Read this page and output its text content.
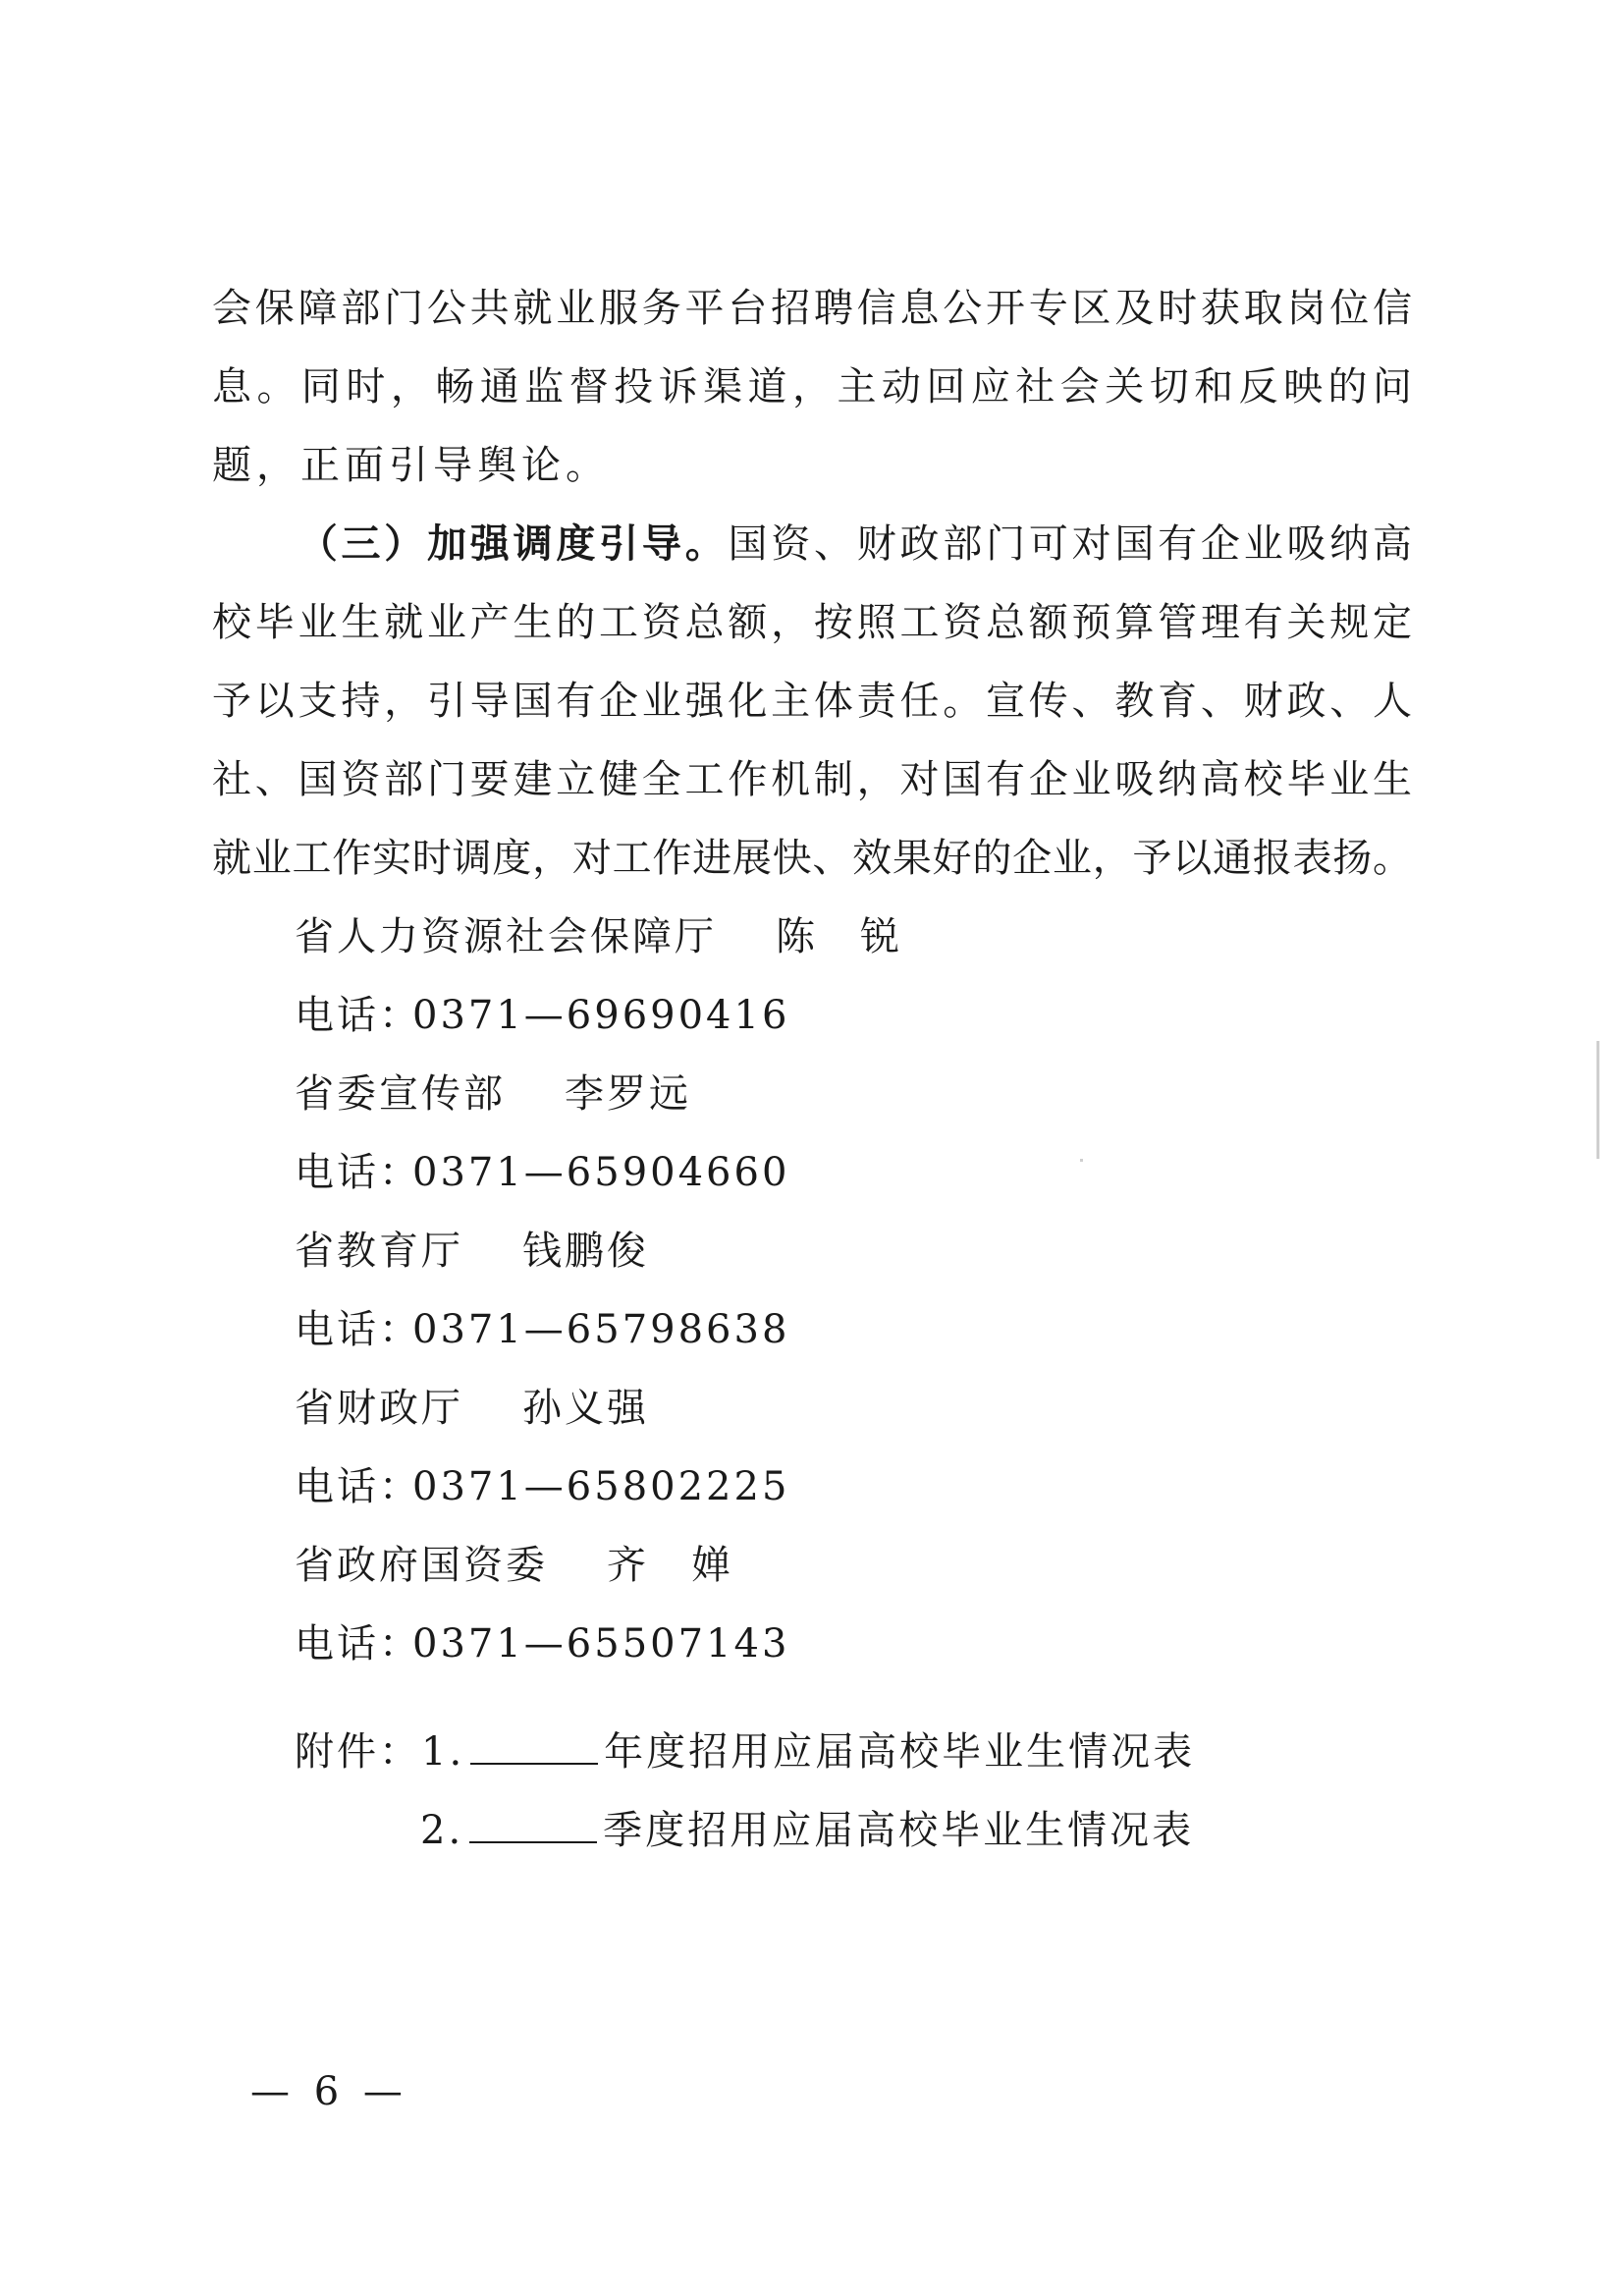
会保障部门公共就业服务平台招聘信息公开专区及时获取岗位信
息。同时，畅通监督投诉渠道，主动回应社会关切和反映的问
题，正面引导舆论。
（三）加强调度引导。国资、财政部门可对国有企业吸纳高
校毕业生就业产生的工资总额，按照工资总额预算管理有关规定
予以支持，引导国有企业强化主体责任。宣传、教育、财政、人
社、国资部门要建立健全工作机制，对国有企业吸纳高校毕业生
就业工作实时调度，对工作进展快、效果好的企业，予以通报表扬。
省人力资源社会保障厅 陈　锐
电话：0371—69690416
省委宣传部 李罗远
电话：0371—65904660
省教育厅 钱鹏俊
电话：0371—65798638
省财政厅 孙义强
电话：0371—65802225
省政府国资委 齐　婵
电话：0371—65507143
附件：1.	年度招用应届高校毕业生情况表
2.	季度招用应届高校毕业生情况表
— 6 —
